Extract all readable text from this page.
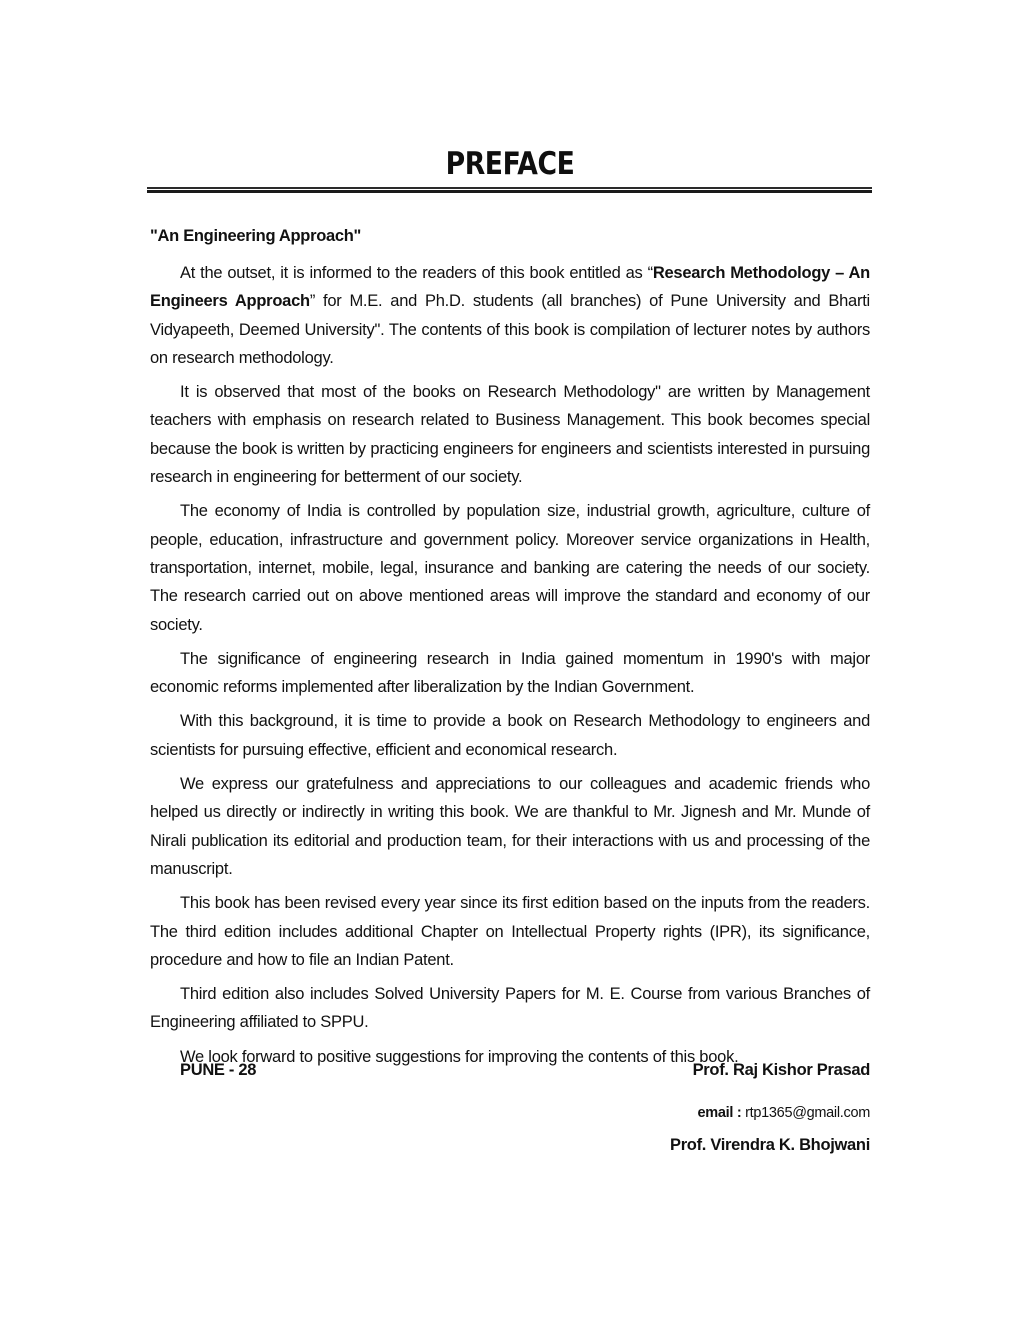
PREFACE
"An Engineering Approach"

At the outset, it is informed to the readers of this book entitled as “Research Methodology – An Engineers Approach” for M.E. and Ph.D. students (all branches) of Pune University and Bharti Vidyapeeth, Deemed University". The contents of this book is compilation of lecturer notes by authors on research methodology.

It is observed that most of the books on Research Methodology" are written by Management teachers with emphasis on research related to Business Management. This book becomes special because the book is written by practicing engineers for engineers and scientists interested in pursuing research in engineering for betterment of our society.

The economy of India is controlled by population size, industrial growth, agriculture, culture of people, education, infrastructure and government policy. Moreover service organizations in Health, transportation, internet, mobile, legal, insurance and banking are catering the needs of our society. The research carried out on above mentioned areas will improve the standard and economy of our society.

The significance of engineering research in India gained momentum in 1990's with major economic reforms implemented after liberalization by the Indian Government.

With this background, it is time to provide a book on Research Methodology to engineers and scientists for pursuing effective, efficient and economical research.

We express our gratefulness and appreciations to our colleagues and academic friends who helped us directly or indirectly in writing this book. We are thankful to Mr. Jignesh and Mr. Munde of Nirali publication its editorial and production team, for their interactions with us and processing of the manuscript.

This book has been revised every year since its first edition based on the inputs from the readers. The third edition includes additional Chapter on Intellectual Property rights (IPR), its significance, procedure and how to file an Indian Patent.

Third edition also includes Solved University Papers for M. E. Course from various Branches of Engineering affiliated to SPPU.

We look forward to positive suggestions for improving the contents of this book.

PUNE - 28	Prof. Raj Kishor Prasad
email : rtp1365@gmail.com
Prof. Virendra K. Bhojwani
